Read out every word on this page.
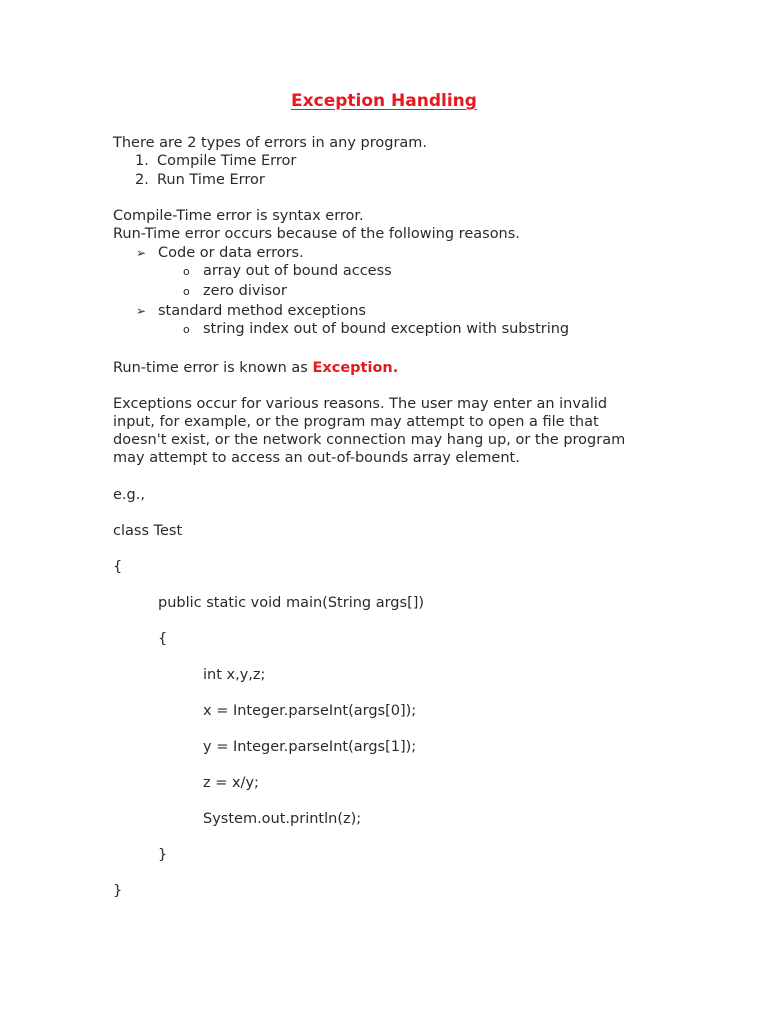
Exception Handling

There are 2 types of errors in any program.

1. Compile Time Error

2. Run Time Error

Compile-Time error is syntax error.

Run-Time error occurs because of the following reasons.

➢ Code or data errors.

o array out of bound access

o zero divisor

➢ standard method exceptions

o string index out of bound exception with substring

Run-time error is known as Exception.

Exceptions occur for various reasons. The user may enter an invalid

input, for example, or the program may attempt to open a file that

doesn't exist, or the network connection may hang up, or the program

may attempt to access an out-of-bounds array element.

e.g.,

class Test

{

public static void main(String args[])

{

int x,y,z;

x = Integer.parseInt(args[0]);

y = Integer.parseInt(args[1]);

z = x/y;

System.out.println(z);

}

}
